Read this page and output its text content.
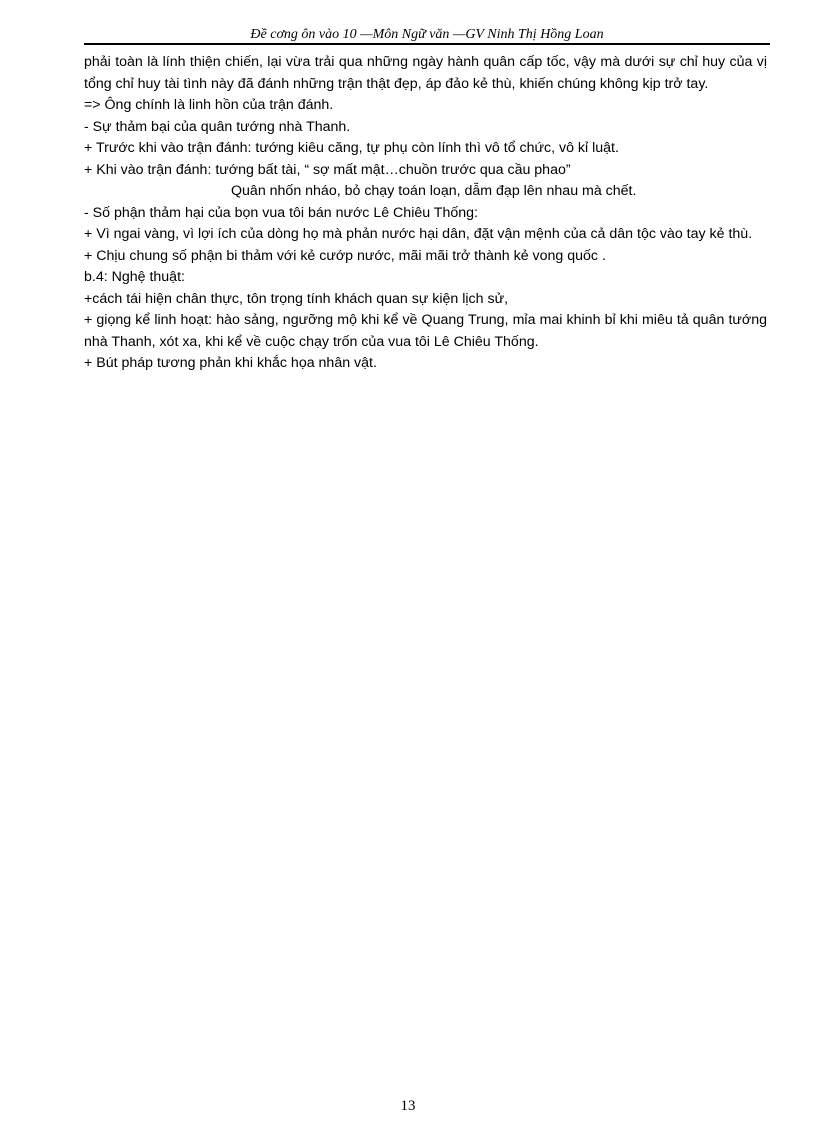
Đề cơng ôn vào 10 —Môn Ngữ văn —GV Ninh Thị Hồng Loan
phải toàn là lính thiện chiến, lại vừa trải qua những ngày hành quân cấp tốc, vậy mà dưới sự chỉ huy của vị tổng chỉ huy tài tình này đã đánh những trận thật đẹp, áp đảo kẻ thù, khiến chúng không kịp trở tay.
=> Ông chính là linh hồn của trận đánh.
- Sự thảm bại của quân tướng nhà Thanh.
+ Trước khi vào trận đánh: tướng kiêu căng, tự phụ còn lính thì vô tổ chức, vô kỉ luật.
+ Khi vào trận đánh: tướng bất tài, “ sợ mất mật…chuồn trước qua cầu phao”
Quân nhốn nháo, bỏ chạy toán loạn, dẫm đạp lên nhau mà chết.
- Số phận thảm hại của bọn vua tôi bán nước Lê Chiêu Thống:
+ Vì ngai vàng, vì lợi ích của dòng họ mà phản nước hại dân, đặt vận mệnh của cả dân tộc vào tay kẻ thù.
+ Chịu chung số phận bi thảm với kẻ cướp nước, mãi mãi trở thành kẻ vong quốc .
b.4: Nghệ thuật:
+cách tái hiện chân thực, tôn trọng tính khách quan sự kiện lịch sử,
+ giọng kể linh hoạt: hào sảng, ngưỡng mộ khi kể về Quang Trung, mỉa mai khinh bỉ khi miêu tả quân tướng nhà Thanh, xót xa, khi kể về cuộc chạy trốn của vua tôi Lê Chiêu Thống.
+ Bút pháp tương phản khi khắc họa nhân vật.
13
